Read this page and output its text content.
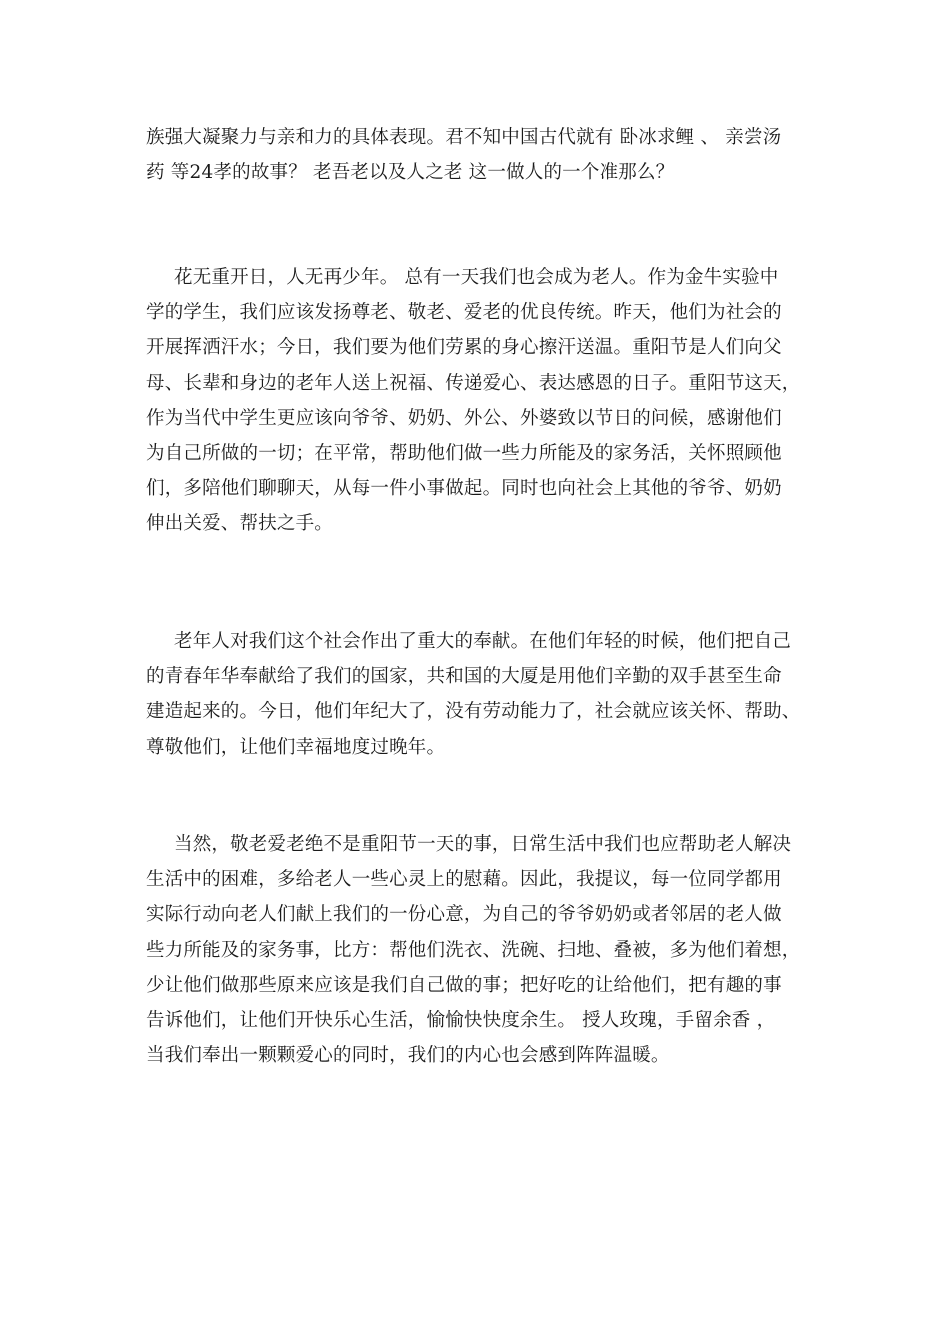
族强大凝聚力与亲和力的具体表现。君不知中国古代就有 卧冰求鲤 、 亲尝汤
药 等24孝的故事？ 老吾老以及人之老 这一做人的一个准那么？
花无重开日，人无再少年。 总有一天我们也会成为老人。作为金牛实验中
学的学生，我们应该发扬尊老、敬老、爱老的优良传统。昨天，他们为社会的
开展挥洒汗水；今日，我们要为他们劳累的身心擦汗送温。重阳节是人们向父
母、长辈和身边的老年人送上祝福、传递爱心、表达感恩的日子。重阳节这天，
作为当代中学生更应该向爷爷、奶奶、外公、外婆致以节日的问候，感谢他们
为自己所做的一切；在平常，帮助他们做一些力所能及的家务活，关怀照顾他
们，多陪他们聊聊天，从每一件小事做起。同时也向社会上其他的爷爷、奶奶
伸出关爱、帮扶之手。
老年人对我们这个社会作出了重大的奉献。在他们年轻的时候，他们把自己
的青春年华奉献给了我们的国家，共和国的大厦是用他们辛勤的双手甚至生命
建造起来的。今日，他们年纪大了，没有劳动能力了，社会就应该关怀、帮助、
尊敬他们，让他们幸福地度过晚年。
当然，敬老爱老绝不是重阳节一天的事，日常生活中我们也应帮助老人解决
生活中的困难，多给老人一些心灵上的慰藉。因此，我提议，每一位同学都用
实际行动向老人们献上我们的一份心意，为自己的爷爷奶奶或者邻居的老人做
些力所能及的家务事，比方：帮他们洗衣、洗碗、扫地、叠被，多为他们着想，
少让他们做那些原来应该是我们自己做的事；把好吃的让给他们，把有趣的事
告诉他们，让他们开快乐心生活，愉愉快快度余生。 授人玫瑰，手留余香 ，
当我们奉出一颗颗爱心的同时，我们的内心也会感到阵阵温暖。
